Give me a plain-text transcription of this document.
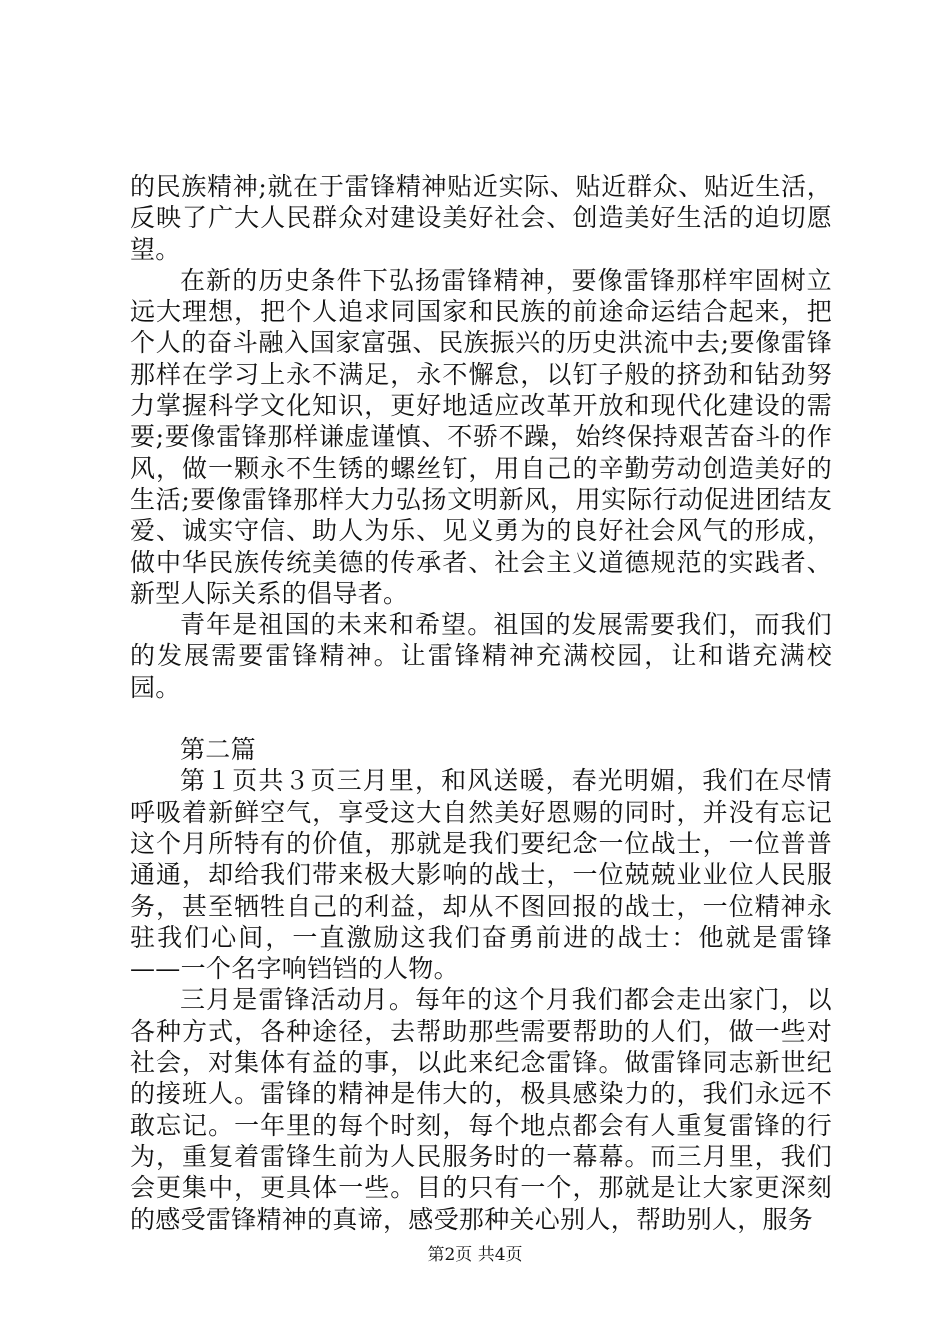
的民族精神;就在于雷锋精神贴近实际、贴近群众、贴近生活，反映了广大人民群众对建设美好社会、创造美好生活的迫切愿望。

在新的历史条件下弘扬雷锋精神，要像雷锋那样牢固树立远大理想，把个人追求同国家和民族的前途命运结合起来，把个人的奋斗融入国家富强、民族振兴的历史洪流中去;要像雷锋那样在学习上永不满足，永不懈怠，以钉子般的挤劲和钻劲努力掌握科学文化知识，更好地适应改革开放和现代化建设的需要;要像雷锋那样谦虚谨慎、不骄不躁，始终保持艰苦奋斗的作风，做一颗永不生锈的螺丝钉，用自己的辛勤劳动创造美好的生活;要像雷锋那样大力弘扬文明新风，用实际行动促进团结友爱、诚实守信、助人为乐、见义勇为的良好社会风气的形成，做中华民族传统美德的传承者、社会主义道德规范的实践者、新型人际关系的倡导者。

青年是祖国的未来和希望。祖国的发展需要我们，而我们的发展需要雷锋精神。让雷锋精神充满校园，让和谐充满校园。

第二篇

第１页共３页三月里，和风送暖，春光明媚，我们在尽情呼吸着新鲜空气，享受这大自然美好恩赐的同时，并没有忘记这个月所特有的价值，那就是我们要纪念一位战士，一位普普通通，却给我们带来极大影响的战士，一位兢兢业业位人民服务，甚至牺牲自己的利益，却从不图回报的战士，一位精神永驻我们心间，一直激励这我们奋勇前进的战士：他就是雷锋——一个名字响铛铛的人物。

三月是雷锋活动月。每年的这个月我们都会走出家门，以各种方式，各种途径，去帮助那些需要帮助的人们，做一些对社会，对集体有益的事，以此来纪念雷锋。做雷锋同志新世纪的接班人。雷锋的精神是伟大的，极具感染力的，我们永远不敢忘记。一年里的每个时刻，每个地点都会有人重复雷锋的行为，重复着雷锋生前为人民服务时的一幕幕。而三月里，我们会更集中，更具体一些。目的只有一个，那就是让大家更深刻的感受雷锋精神的真谛，感受那种关心别人，帮助别人，服务

第2页 共4页
